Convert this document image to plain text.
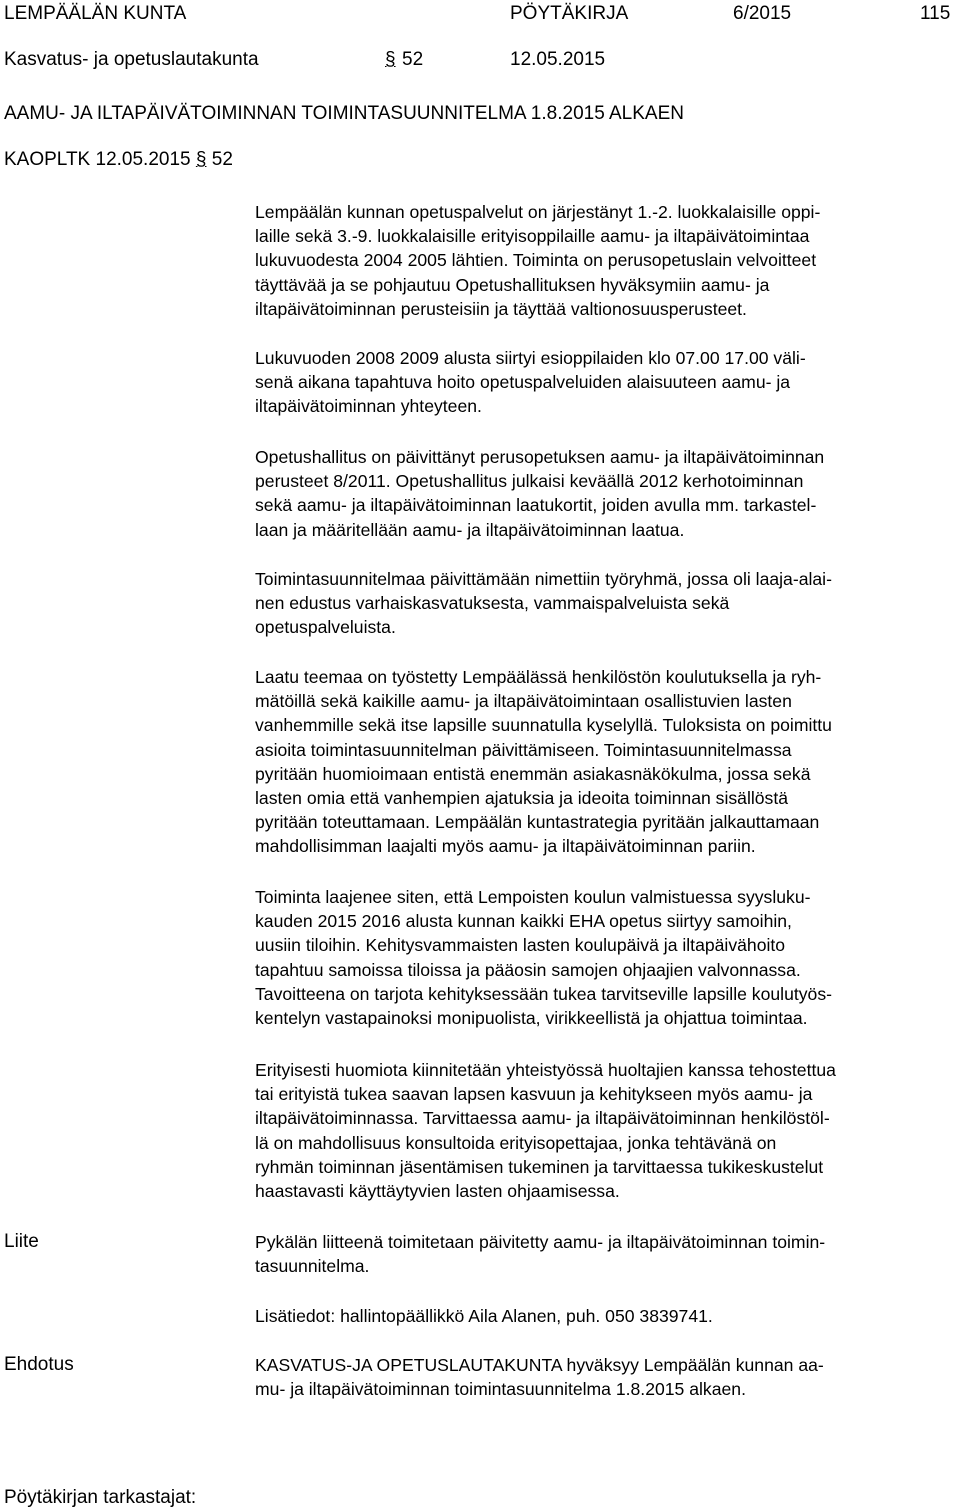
LEMPÄÄLÄN KUNTA	PÖYTÄKIRJA	6/2015	115
Kasvatus- ja opetuslautakunta	§ 52	12.05.2015
AAMU- JA ILTAPÄIVÄTOIMINNAN TOIMINTASUUNNITELMA 1.8.2015 ALKAEN
KAOPLTK 12.05.2015 § 52
Lempäälän kunnan opetuspalvelut on järjestänyt 1.-2. luokkalaisille oppi-
laille sekä 3.-9. luokkalaisille erityisoppilaille aamu- ja iltapäivätoimintaa
lukuvuodesta 2004 2005 lähtien. Toiminta on perusopetuslain velvoitteet
täyttävää ja se pohjautuu Opetushallituksen hyväksymiin aamu- ja
iltapäivätoiminnan perusteisiin ja täyttää valtionosuusperusteet.
Lukuvuoden 2008 2009 alusta siirtyi esioppilaiden klo 07.00 17.00 väli-
senä aikana tapahtuva hoito opetuspalveluiden alaisuuteen aamu- ja
iltapäivätoiminnan yhteyteen.
Opetushallitus on päivittänyt perusopetuksen aamu- ja iltapäivätoiminnan
perusteet 8/2011. Opetushallitus julkaisi keväällä 2012 kerhotoiminnan
sekä aamu- ja iltapäivätoiminnan laatukortit, joiden avulla mm. tarkastel-
laan ja määritellään aamu- ja iltapäivätoiminnan laatua.
Toimintasuunnitelmaa päivittämään nimettiin työryhmä, jossa oli laaja-alai-
nen edustus varhaiskasvatuksesta, vammaispalveluista sekä
opetuspalveluista.
Laatu teemaa on työstetty Lempäälässä henkilöstön koulutuksella ja ryh-
mätöillä sekä kaikille aamu- ja iltapäivätoimintaan osallistuvien lasten
vanhemmille sekä itse lapsille suunnatulla kyselyllä. Tuloksista on poimittu
asioita toimintasuunnitelman päivittämiseen. Toimintasuunnitelmassa
pyritään huomioimaan entistä enemmän asiakasnäkökulma, jossa sekä
lasten omia että vanhempien ajatuksia ja ideoita toiminnan sisällöstä
pyritään toteuttamaan. Lempäälän kuntastrategia pyritään jalkauttamaan
mahdollisimman laajalti myös aamu- ja iltapäivätoiminnan pariin.
Toiminta laajenee siten, että Lempoisten koulun valmistuessa syysluku-
kauden 2015 2016 alusta kunnan kaikki EHA opetus siirtyy samoihin,
uusiin tiloihin. Kehitysvammaisten lasten koulupäivä ja iltapäivähoito
tapahtuu samoissa tiloissa ja pääosin samojen ohjaajien valvonnassa.
Tavoitteena on tarjota kehityksessään tukea tarvitseville lapsille koulutyös-
kentelyn vastapainoksi monipuolista, virikkeellistä ja ohjattua toimintaa.
Erityisesti huomiota kiinnitetään yhteistyössä huoltajien kanssa tehostettua
tai erityistä tukea saavan lapsen kasvuun ja kehitykseen myös aamu- ja
iltapäivätoiminnassa. Tarvittaessa aamu- ja iltapäivätoiminnan henkilöstöl-
lä on mahdollisuus konsultoida erityisopettajaa, jonka tehtävänä on
ryhmän toiminnan jäsentämisen tukeminen ja tarvittaessa tukikeskustelut
haastavasti käyttäytyvien lasten ohjaamisessa.
Liite	Pykälän liitteenä toimitetaan päivitetty aamu- ja iltapäivätoiminnan toimin-
tasuunnitelma.
Lisätiedot: hallintopäällikkö Aila Alanen, puh. 050 3839741.
Ehdotus	KASVATUS-JA OPETUSLAUTAKUNTA hyväksyy Lempäälän kunnan aa-
mu- ja iltapäivätoiminnan toimintasuunnitelma 1.8.2015 alkaen.
Pöytäkirjan tarkastajat:
